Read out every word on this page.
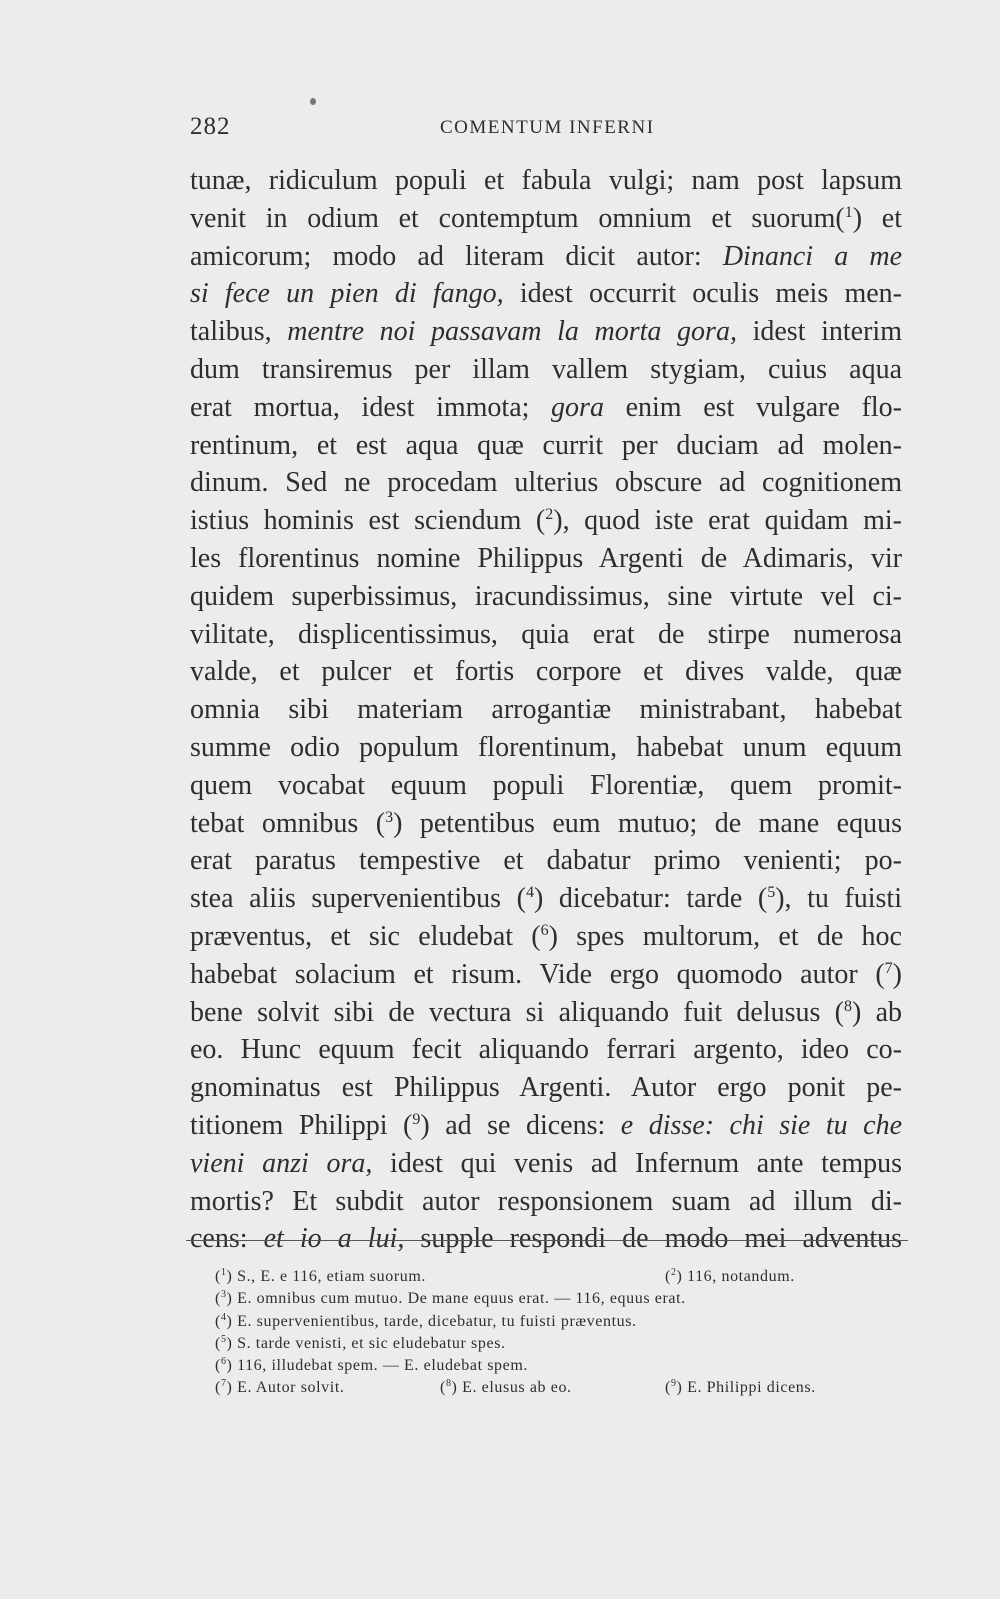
282	COMENTUM INFERNI
tunæ, ridiculum populi et fabula vulgi; nam post lapsum
venit in odium et contemptum omnium et suorum($^1$) et
amicorum; modo ad literam dicit autor: Dinanci a me
si fece un pien di fango, idest occurrit oculis meis men-
talibus, mentre noi passavam la morta gora, idest interim
dum transiremus per illam vallem stygiam, cuius aqua
erat mortua, idest immota; gora enim est vulgare flo-
rentinum, et est aqua quæ currit per duciam ad molen-
dinum. Sed ne procedam ulterius obscure ad cognitionem
istius hominis est sciendum ($^2$), quod iste erat quidam mi-
les florentinus nomine Philippus Argenti de Adimaris, vir
quidem superbissimus, iracundissimus, sine virtute vel ci-
vilitate, displicentissimus, quia erat de stirpe numerosa
valde, et pulcer et fortis corpore et dives valde, quæ
omnia sibi materiam arrogantiæ ministrabant, habebat
summe odio populum florentinum, habebat unum equum
quem vocabat equum populi Florentiæ, quem promit-
tebat omnibus ($^3$) petentibus eum mutuo; de mane equus
erat paratus tempestive et dabatur primo venienti; po-
stea aliis supervenientibus ($^4$) dicebatur: tarde ($^5$), tu fuisti
præventus, et sic eludebat ($^6$) spes multorum, et de hoc
habebat solacium et risum. Vide ergo quomodo autor ($^7$)
bene solvit sibi de vectura si aliquando fuit delusus ($^8$) ab
eo. Hunc equum fecit aliquando ferrari argento, ideo co-
gnominatus est Philippus Argenti. Autor ergo ponit pe-
titionem Philippi ($^9$) ad se dicens: e disse: chi sie tu che
vieni anzi ora, idest qui venis ad Infernum ante tempus
mortis? Et subdit autor responsionem suam ad illum di-
cens: et io a lui, supple respondi de modo mei adventus
($^1$) S., E. e 116, etiam suorum.	($^2$) 116, notandum.
($^3$) E. omnibus cum mutuo. De mane equus erat. — 116, equus erat.
($^4$) E. supervenientibus, tarde, dicebatur, tu fuisti præventus.
($^5$) S. tarde venisti, et sic eludebatur spes.
($^6$) 116, illudebat spem. — E. eludebat spem.
($^7$) E. Autor solvit.	($^8$) E. elusus ab eo.	($^9$) E. Philippi dicens.
